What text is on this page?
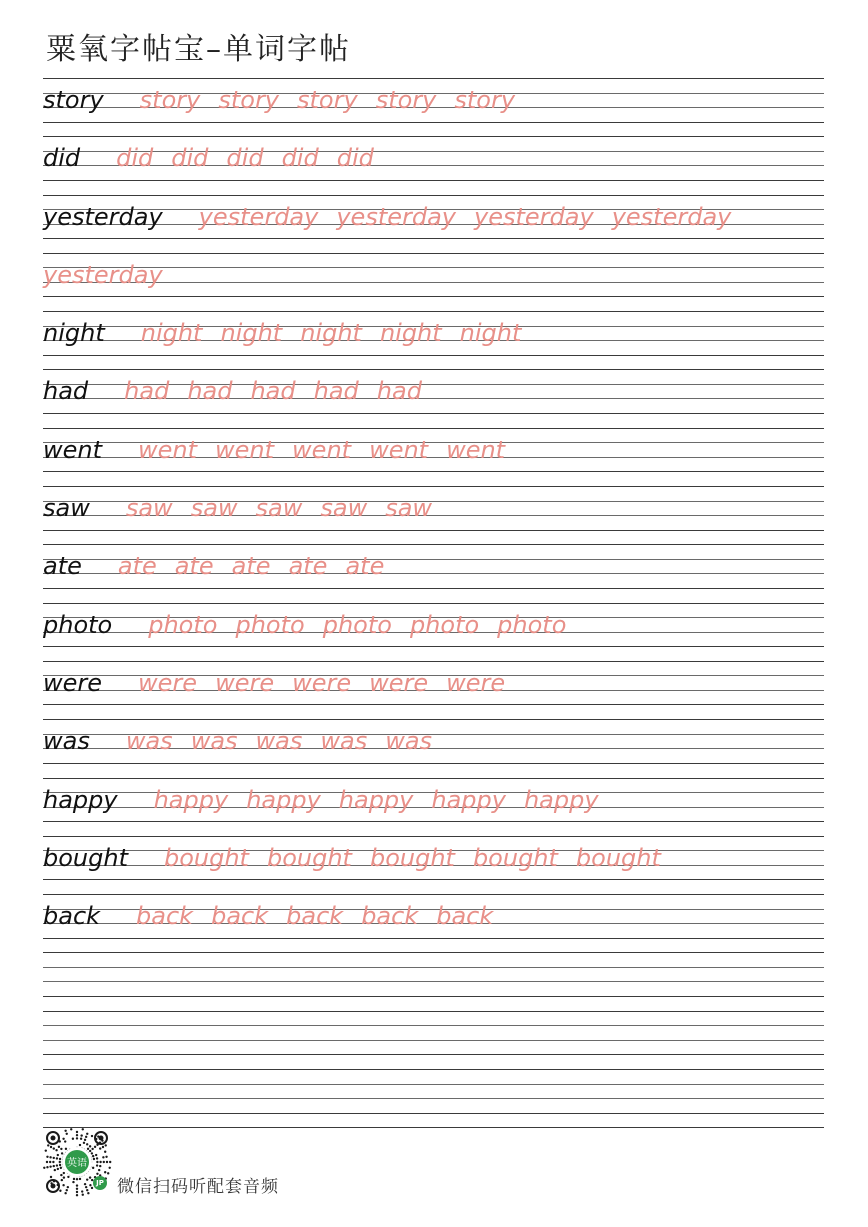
粟氧字帖宝–单词字帖
story story story story story story
did did did did did did
yesterday yesterday yesterday yesterday yesterday
yesterday
night night night night night night
had had had had had had
went went went went went went
saw saw saw saw saw saw
ate ate ate ate ate ate
photo photo photo photo photo photo
were were were were were were
was was was was was was
happy happy happy happy happy happy
bought bought bought bought bought bought
back back back back back back
英语
JP 微信扫码听配套音频
